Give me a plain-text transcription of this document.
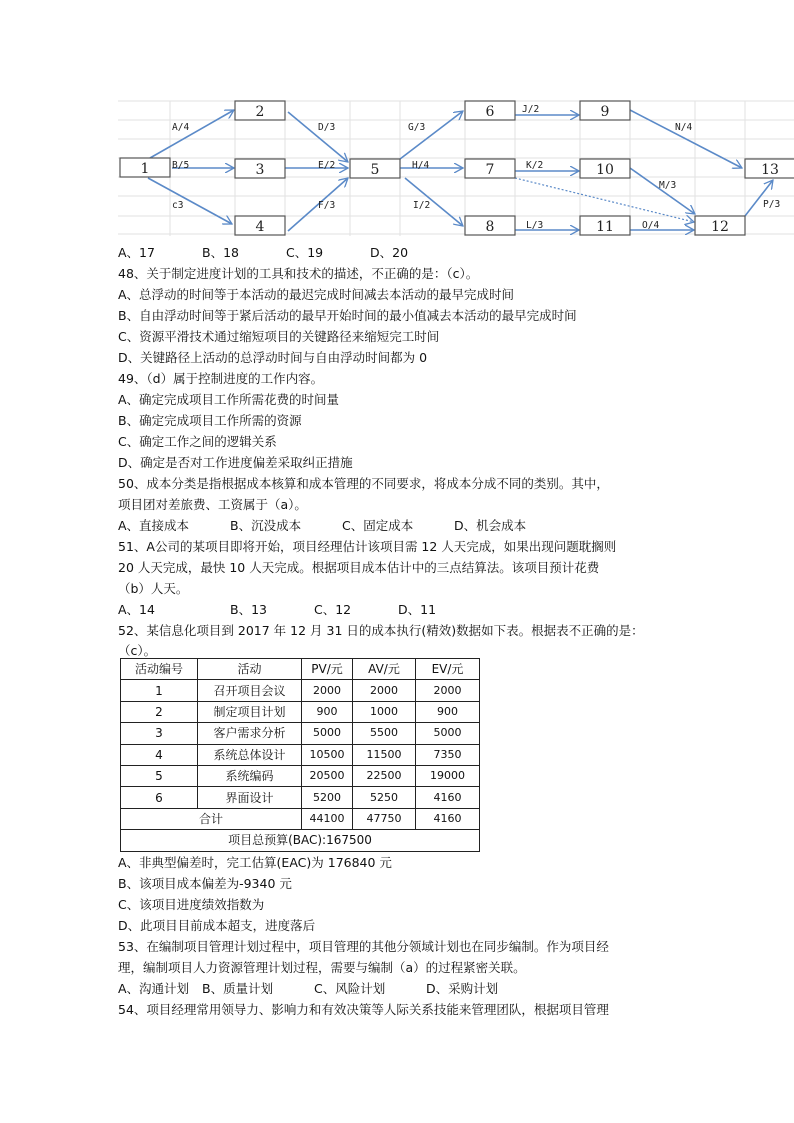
1
2
3
4
5
6
7
8
9
10
11	12
13
A/4
B/5
c3
D/3
E/2
F/3
G/3
H/4
I/2
J/2
K/2
L/3
N/4
M/3
O/4
P/3
A、17	B、18	C、19	D、20
48、关于制定进度计划的工具和技术的描述，不正确的是：（c）。
A、总浮动的时间等于本活动的最迟完成时间减去本活动的最早完成时间
B、自由浮动时间等于紧后活动的最早开始时间的最小值减去本活动的最早完成时间
C、资源平滑技术通过缩短项目的关键路径来缩短完工时间
D、关键路径上活动的总浮动时间与自由浮动时间都为 0
49、（d）属于控制进度的工作内容。
A、确定完成项目工作所需花费的时间量
B、确定完成项目工作所需的资源
C、确定工作之间的逻辑关系
D、确定是否对工作进度偏差采取纠正措施
50、成本分类是指根据成本核算和成本管理的不同要求，将成本分成不同的类别。其中，
项目团对差旅费、工资属于（a）。
A、直接成本	B、沉没成本	C、固定成本	D、机会成本
51、A公司的某项目即将开始，项目经理估计该项目需 12 人天完成，如果出现问题耽搁则
20 人天完成，最快 10 人天完成。根据项目成本估计中的三点结算法。该项目预计花费
（b）人天。
A、14	B、13	C、12	D、11
52、某信息化项目到 2017 年 12 月 31 日的成本执行(精效)数据如下表。根据表不正确的是：
（c）。
活动编号	活动	PV/元	AV/元	EV/元
1	召开项目会议	2000	2000	2000
2	制定项目计划	900	1000	900
3	客户需求分析	5000	5500	5000
4	系统总体设计	10500	11500	7350
5	系统编码	20500	22500	19000
6	界面设计	5200	5250	4160
合计		44100	47750	4160
项目总预算(BAC):167500				
A、非典型偏差时，完工估算(EAC)为 176840 元
B、该项目成本偏差为-9340 元
C、该项目进度绩效指数为
D、此项目目前成本超支，进度落后
53、在编制项目管理计划过程中，项目管理的其他分领域计划也在同步编制。作为项目经
理，编制项目人力资源管理计划过程，需要与编制（a）的过程紧密关联。
A、沟通计划 B、质量计划	C、风险计划	D、采购计划
54、项目经理常用领导力、影响力和有效决策等人际关系技能来管理团队，根据项目管理
